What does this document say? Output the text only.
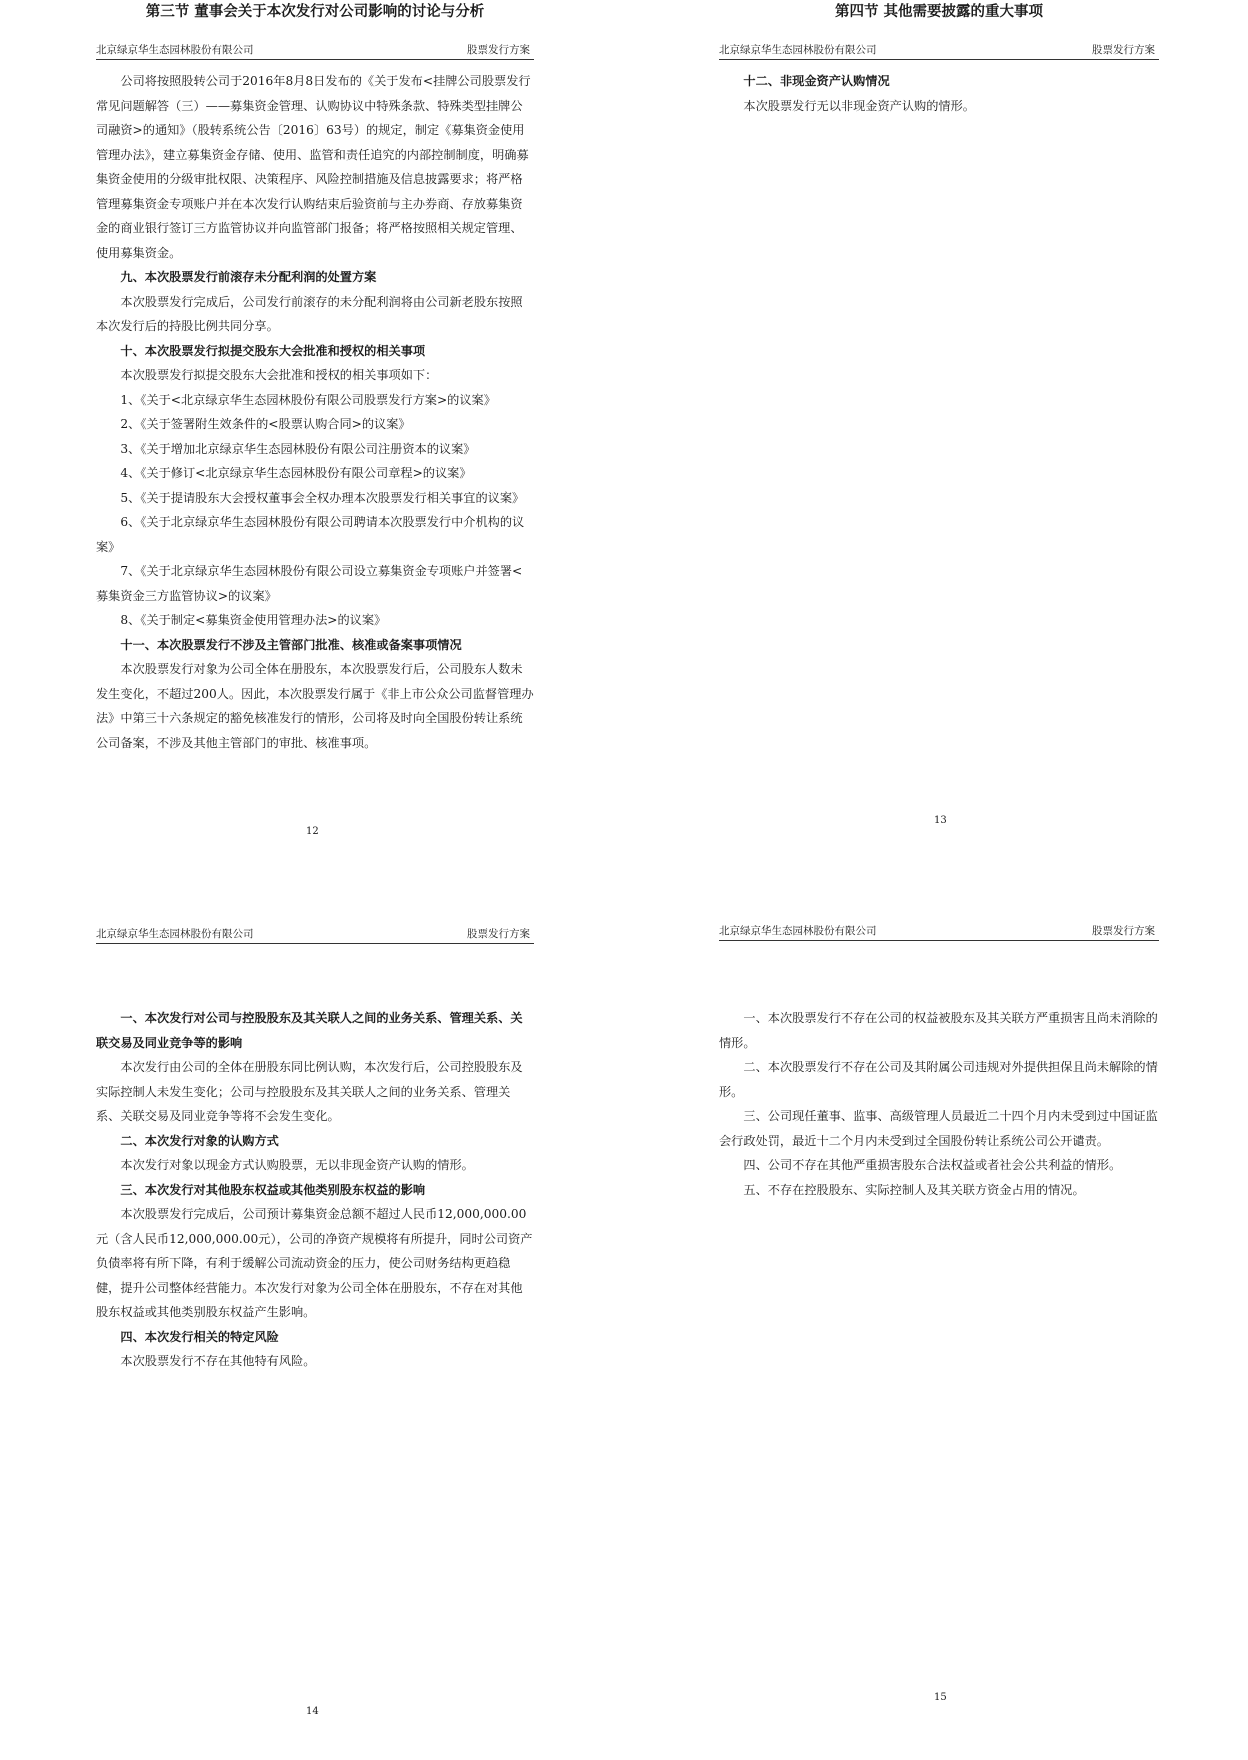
北京绿京华生态园林股份有限公司	股票发行方案

公司将按照股转公司于2016年8月8日发布的《关于发布<挂牌公司股票发行常见问题解答（三）——募集资金管理、认购协议中特殊条款、特殊类型挂牌公司融资>的通知》（股转系统公告〔2016〕63号）的规定，制定《募集资金使用管理办法》，建立募集资金存储、使用、监管和责任追究的内部控制制度，明确募集资金使用的分级审批权限、决策程序、风险控制措施及信息披露要求；将严格管理募集资金专项账户并在本次发行认购结束后验资前与主办券商、存放募集资金的商业银行签订三方监管协议并向监管部门报备；将严格按照相关规定管理、使用募集资金。

九、本次股票发行前滚存未分配利润的处置方案

本次股票发行完成后，公司发行前滚存的未分配利润将由公司新老股东按照本次发行后的持股比例共同分享。

十、本次股票发行拟提交股东大会批准和授权的相关事项

本次股票发行拟提交股东大会批准和授权的相关事项如下：

1、《关于<北京绿京华生态园林股份有限公司股票发行方案>的议案》

2、《关于签署附生效条件的<股票认购合同>的议案》

3、《关于增加北京绿京华生态园林股份有限公司注册资本的议案》

4、《关于修订<北京绿京华生态园林股份有限公司章程>的议案》

5、《关于提请股东大会授权董事会全权办理本次股票发行相关事宜的议案》

6、《关于北京绿京华生态园林股份有限公司聘请本次股票发行中介机构的议案》

7、《关于北京绿京华生态园林股份有限公司设立募集资金专项账户并签署<募集资金三方监管协议>的议案》

8、《关于制定<募集资金使用管理办法>的议案》

十一、本次股票发行不涉及主管部门批准、核准或备案事项情况

本次股票发行对象为公司全体在册股东，本次股票发行后，公司股东人数未发生变化，不超过200人。因此，本次股票发行属于《非上市公众公司监督管理办法》中第三十六条规定的豁免核准发行的情形，公司将及时向全国股份转让系统公司备案，不涉及其他主管部门的审批、核准事项。

12
北京绿京华生态园林股份有限公司	股票发行方案

十二、非现金资产认购情况

本次股票发行无以非现金资产认购的情形。

13
北京绿京华生态园林股份有限公司	股票发行方案
14
北京绿京华生态园林股份有限公司	股票发行方案
15
第三节 董事会关于本次发行对公司影响的讨论与分析

一、本次发行对公司与控股股东及其关联人之间的业务关系、管理关系、关联交易及同业竞争等的影响

本次发行由公司的全体在册股东同比例认购，本次发行后，公司控股股东及实际控制人未发生变化；公司与控股股东及其关联人之间的业务关系、管理关系、关联交易及同业竞争等将不会发生变化。

二、本次发行对象的认购方式

本次发行对象以现金方式认购股票，无以非现金资产认购的情形。

三、本次发行对其他股东权益或其他类别股东权益的影响

本次股票发行完成后，公司预计募集资金总额不超过人民币12,000,000.00元（含人民币12,000,000.00元），公司的净资产规模将有所提升，同时公司资产负债率将有所下降，有利于缓解公司流动资金的压力，使公司财务结构更趋稳健，提升公司整体经营能力。本次发行对象为公司全体在册股东，不存在对其他股东权益或其他类别股东权益产生影响。

四、本次发行相关的特定风险

本次股票发行不存在其他特有风险。

第四节 其他需要披露的重大事项

一、本次股票发行不存在公司的权益被股东及其关联方严重损害且尚未消除的情形。

二、本次股票发行不存在公司及其附属公司违规对外提供担保且尚未解除的情形。

三、公司现任董事、监事、高级管理人员最近二十四个月内未受到过中国证监会行政处罚，最近十二个月内未受到过全国股份转让系统公司公开谴责。

四、公司不存在其他严重损害股东合法权益或者社会公共利益的情形。

五、不存在控股股东、实际控制人及其关联方资金占用的情况。
